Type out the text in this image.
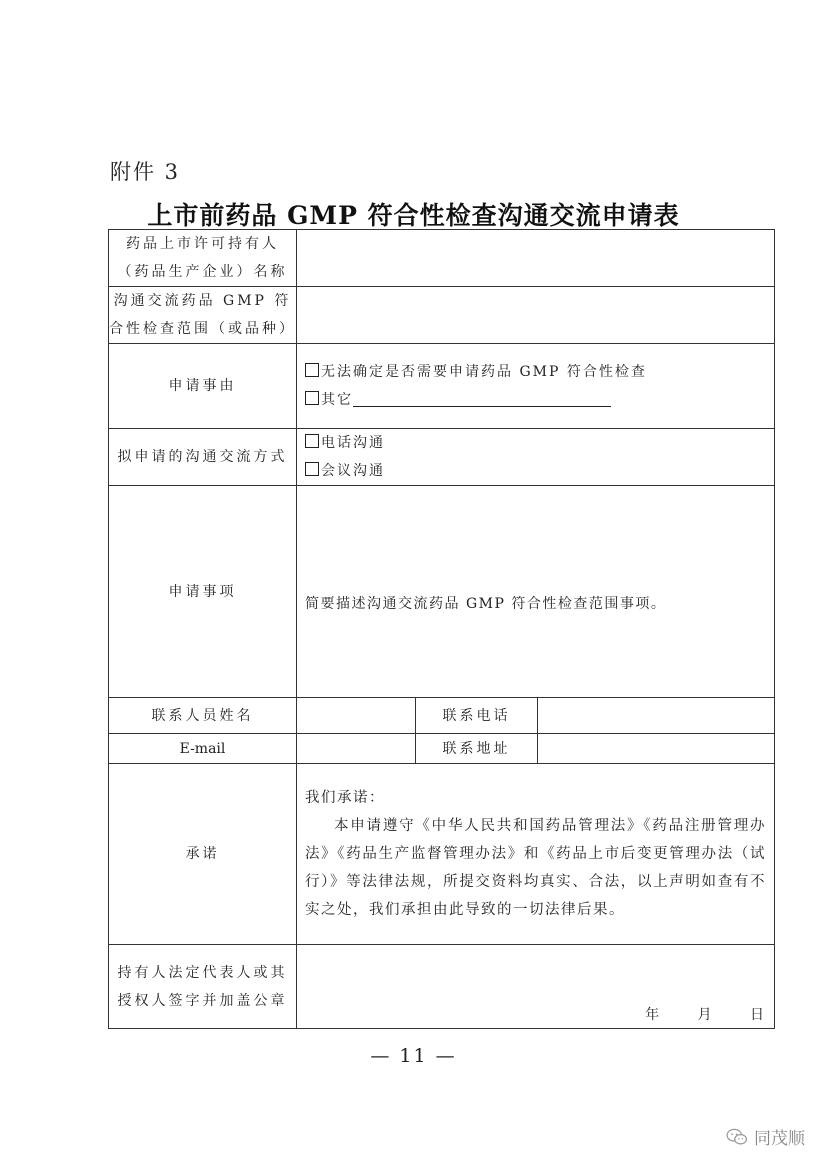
附件 3
上市前药品 GMP 符合性检查沟通交流申请表
药品上市许可持有人
（药品生产企业）名称			

沟通交流药品 GMP 符
合性检查范围（或品种）			

申请事由	无法确定是否需要申请药品 GMP 符合性检查
其它		

拟申请的沟通交流方式	电话沟通
会议沟通		

申请事项	简要描述沟通交流药品 GMP 符合性检查范围事项。		

联系人员姓名		联系电话	
E-mail		联系地址	
承诺	我们承诺：
本申请遵守《中华人民共和国药品管理法》《药品注册管理办法》《药品生产监督管理办法》和《药品上市后变更管理办法（试行）》等法律法规，所提交资料均真实、合法，以上声明如查有不实之处，我们承担由此导致的一切法律后果。		

持有人法定代表人或其
授权人签字并加盖公章	年 月 日		
— 11 —
同茂顺
